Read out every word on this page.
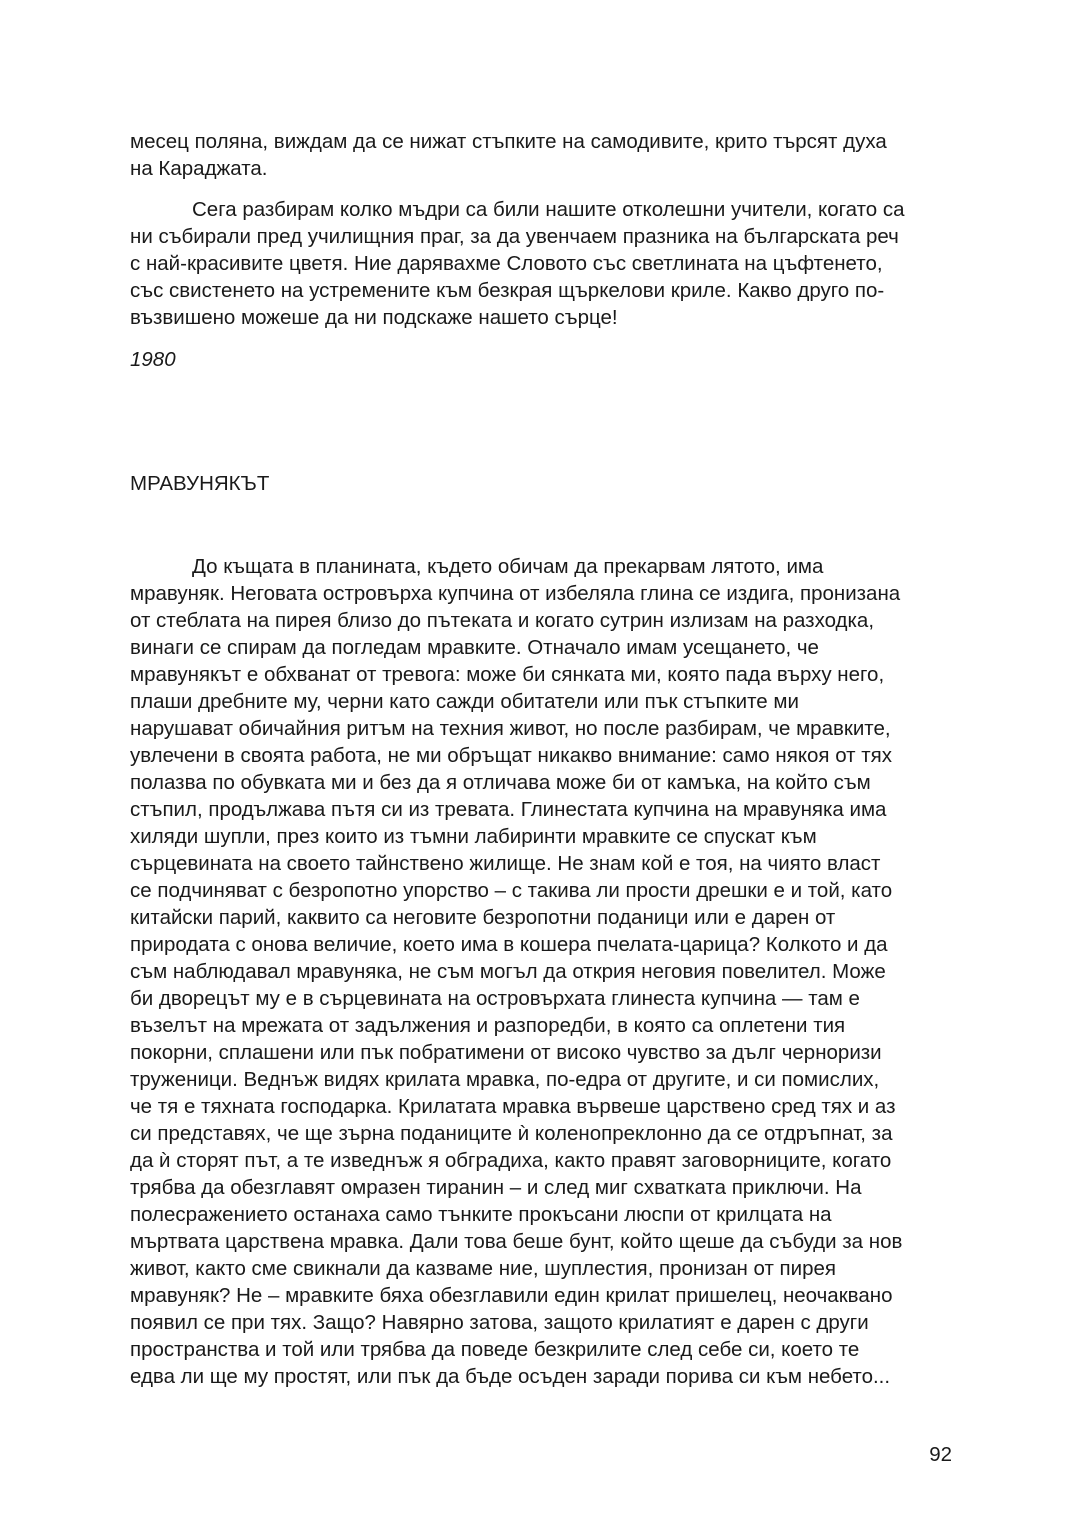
месец поляна, виждам да се нижат стъпките на самодивите, крито търсят духа
на Караджата.

Сега разбирам колко мъдри са били нашите отколешни учители, когато са
ни събирали пред училищния праг, за да увенчаем празника на българската реч
с най-красивите цветя. Ние дарявахме Словото със светлината на цъфтенето,
със свистенето на устремените към безкрая щъркелови криле. Какво друго по-
възвишено можеше да ни подскаже нашето сърце!

1980

МРАВУНЯКЪТ

До къщата в планината, където обичам да прекарвам лятото, има
мравуняк. Неговата островърха купчина от избеляла глина се издига, пронизана
от стеблата на пирея близо до пътеката и когато сутрин излизам на разходка,
винаги се спирам да погледам мравките. Отначало имам усещането, че
мравунякът е обхванат от тревога: може би сянката ми, която пада върху него,
плаши дребните му, черни като сажди обитатели или пък стъпките ми
нарушават обичайния ритъм на техния живот, но после разбирам, че мравките,
увлечени в своята работа, не ми обръщат никакво внимание: само някоя от тях
полазва по обувката ми и без да я отличава може би от камъка, на който съм
стъпил, продължава пътя си из тревата. Глинестата купчина на мравуняка има
хиляди шупли, през които из тъмни лабиринти мравките се спускат към
сърцевината на своето тайнствено жилище. Не знам кой е тоя, на чиято власт
се подчиняват с безропотно упорство – с такива ли прости дрешки е и той, като
китайски парий, каквито са неговите безропотни поданици или е дарен от
природата с онова величие, което има в кошера пчелата-царица? Колкото и да
съм наблюдавал мравуняка, не съм могъл да открия неговия повелител. Може
би дворецът му е в сърцевината на островърхата глинеста купчина — там е
възелът на мрежата от задължения и разпоредби, в която са оплетени тия
покорни, сплашени или пък побратимени от високо чувство за дълг черноризи
труженици. Веднъж видях крилата мравка, по-едра от другите, и си помислих,
че тя е тяхната господарка. Крилатата мравка вървеше царствено сред тях и аз
си представях, че ще зърна поданиците ѝ коленопреклонно да се отдръпнат, за
да ѝ сторят път, а те изведнъж я обградиха, както правят заговорниците, когато
трябва да обезглавят омразен тиранин – и след миг схватката приключи. На
полесражението останаха само тънките прокъсани люспи от крилцата на
мъртвата царствена мравка. Дали това беше бунт, който щеше да събуди за нов
живот, както сме свикнали да казваме ние, шуплестия, пронизан от пирея
мравуняк? Не – мравките бяха обезглавили един крилат пришелец, неочаквано
появил се при тях. Защо? Навярно затова, защото крилатият е дарен с други
пространства и той или трябва да поведе безкрилите след себе си, което те
едва ли ще му простят, или пък да бъде осъден заради порива си към небето...

92
